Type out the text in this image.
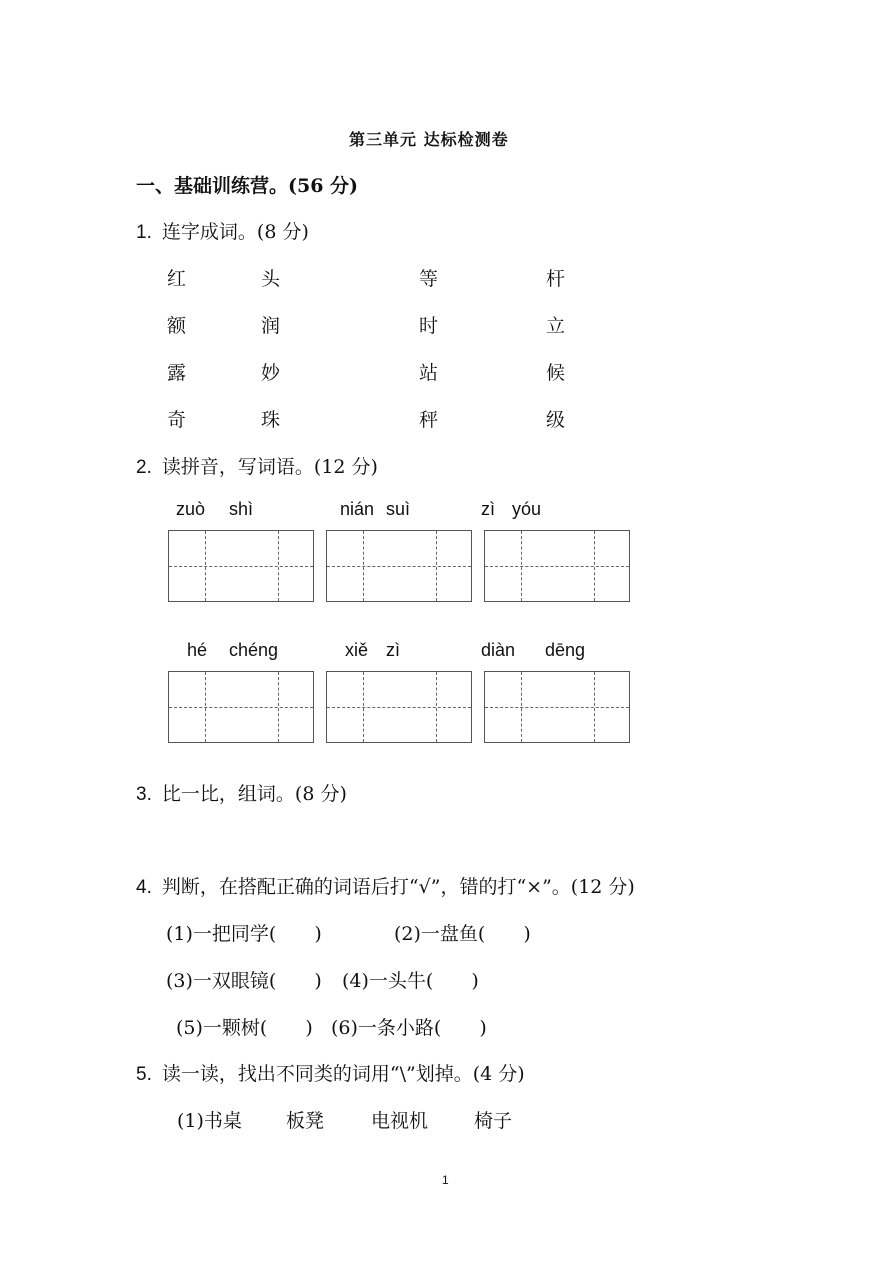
第三单元 达标检测卷
一、基础训练营。(56 分)
1. 连字成词。(8 分)
红	头	等	杆
额	润	时	立
露	妙	站	候
奇	珠	秤	级
2. 读拼音，写词语。(12 分)
zuò shì	nián suì	zì yóu
hé chéng	xiě zì	diàn dēng
3. 比一比，组词。(8 分)
4. 判断，在搭配正确的词语后打“√”，错的打“×”。(12 分)
(1)一把同学(　　)	(2)一盘鱼(　　)
(3)一双眼镜(　　) (4)一头牛(　　)
(5)一颗树(　　) (6)一条小路(　　)
5. 读一读，找出不同类的词用“\”划掉。(4 分)
(1)书桌 板凳 电视机 椅子
1
